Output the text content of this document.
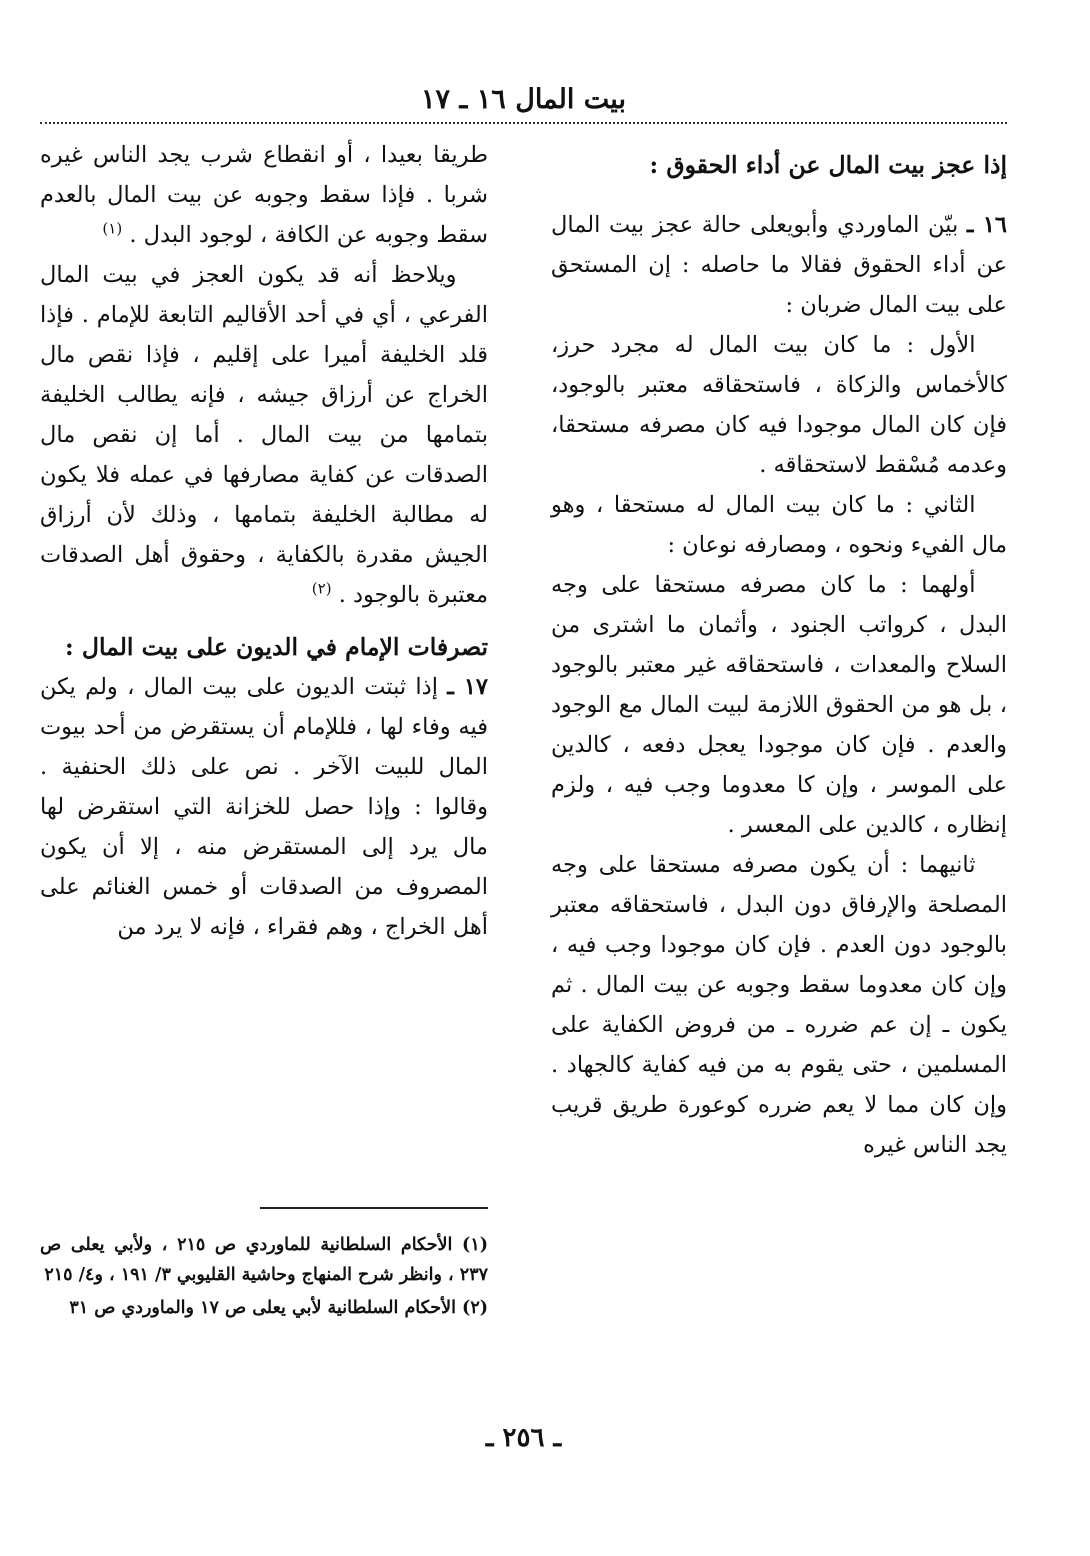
بيت المال ١٦ ـ ١٧
إذا عجز بيت المال عن أداء الحقوق :

١٦ ـ بيّن الماوردي وأبويعلى حالة عجز بيت المال عن أداء الحقوق فقالا ما حاصله : إن المستحق على بيت المال ضربان :

الأول : ما كان بيت المال له مجرد حرز، كالأخماس والزكاة ، فاستحقاقه معتبر بالوجود، فإن كان المال موجودا فيه كان مصرفه مستحقا، وعدمه مُسْقط لاستحقاقه .

الثاني : ما كان بيت المال له مستحقا ، وهو مال الفيء ونحوه ، ومصارفه نوعان :

أولهما : ما كان مصرفه مستحقا على وجه البدل ، كرواتب الجنود ، وأثمان ما اشترى من السلاح والمعدات ، فاستحقاقه غير معتبر بالوجود ، بل هو من الحقوق اللازمة لبيت المال مع الوجود والعدم . فإن كان موجودا يعجل دفعه ، كالدين على الموسر ، وإن كا معدوما وجب فيه ، ولزم إنظاره ، كالدين على المعسر .

ثانيهما : أن يكون مصرفه مستحقا على وجه المصلحة والإرفاق دون البدل ، فاستحقاقه معتبر بالوجود دون العدم . فإن كان موجودا وجب فيه ، وإن كان معدوما سقط وجوبه عن بيت المال . ثم يكون ـ إن عم ضرره ـ من فروض الكفاية على المسلمين ، حتى يقوم به من فيه كفاية كالجهاد . وإن كان مما لا يعم ضرره كوعورة طريق قريب يجد الناس غيره

طريقا بعيدا ، أو انقطاع شرب يجد الناس غيره شربا . فإذا سقط وجوبه عن بيت المال بالعدم سقط وجوبه عن الكافة ، لوجود البدل . $^{(١)}$

ويلاحظ أنه قد يكون العجز في بيت المال الفرعي ، أي في أحد الأقاليم التابعة للإمام . فإذا قلد الخليفة أميرا على إقليم ، فإذا نقص مال الخراج عن أرزاق جيشه ، فإنه يطالب الخليفة بتمامها من بيت المال . أما إن نقص مال الصدقات عن كفاية مصارفها في عمله فلا يكون له مطالبة الخليفة بتمامها ، وذلك لأن أرزاق الجيش مقدرة بالكفاية ، وحقوق أهل الصدقات معتبرة بالوجود . $^{(٢)}$

تصرفات الإمام في الديون على بيت المال :

١٧ ـ إذا ثبتت الديون على بيت المال ، ولم يكن فيه وفاء لها ، فللإمام أن يستقرض من أحد بيوت المال للبيت الآخر . نص على ذلك الحنفية . وقالوا : وإذا حصل للخزانة التي استقرض لها مال يرد إلى المستقرض منه ، إلا أن يكون المصروف من الصدقات أو خمس الغنائم على أهل الخراج ، وهم فقراء ، فإنه لا يرد من

(١) الأحكام السلطانية للماوردي ص ٢١٥ ، ولأبي يعلى ص ٢٣٧ ، وانظر شرح المنهاج وحاشية القليوبي ٣/ ١٩١ ، و٤/ ٢١٥

(٢) الأحكام السلطانية لأبي يعلى ص ١٧ والماوردي ص ٣١

ـ ٢٥٦ ـ
